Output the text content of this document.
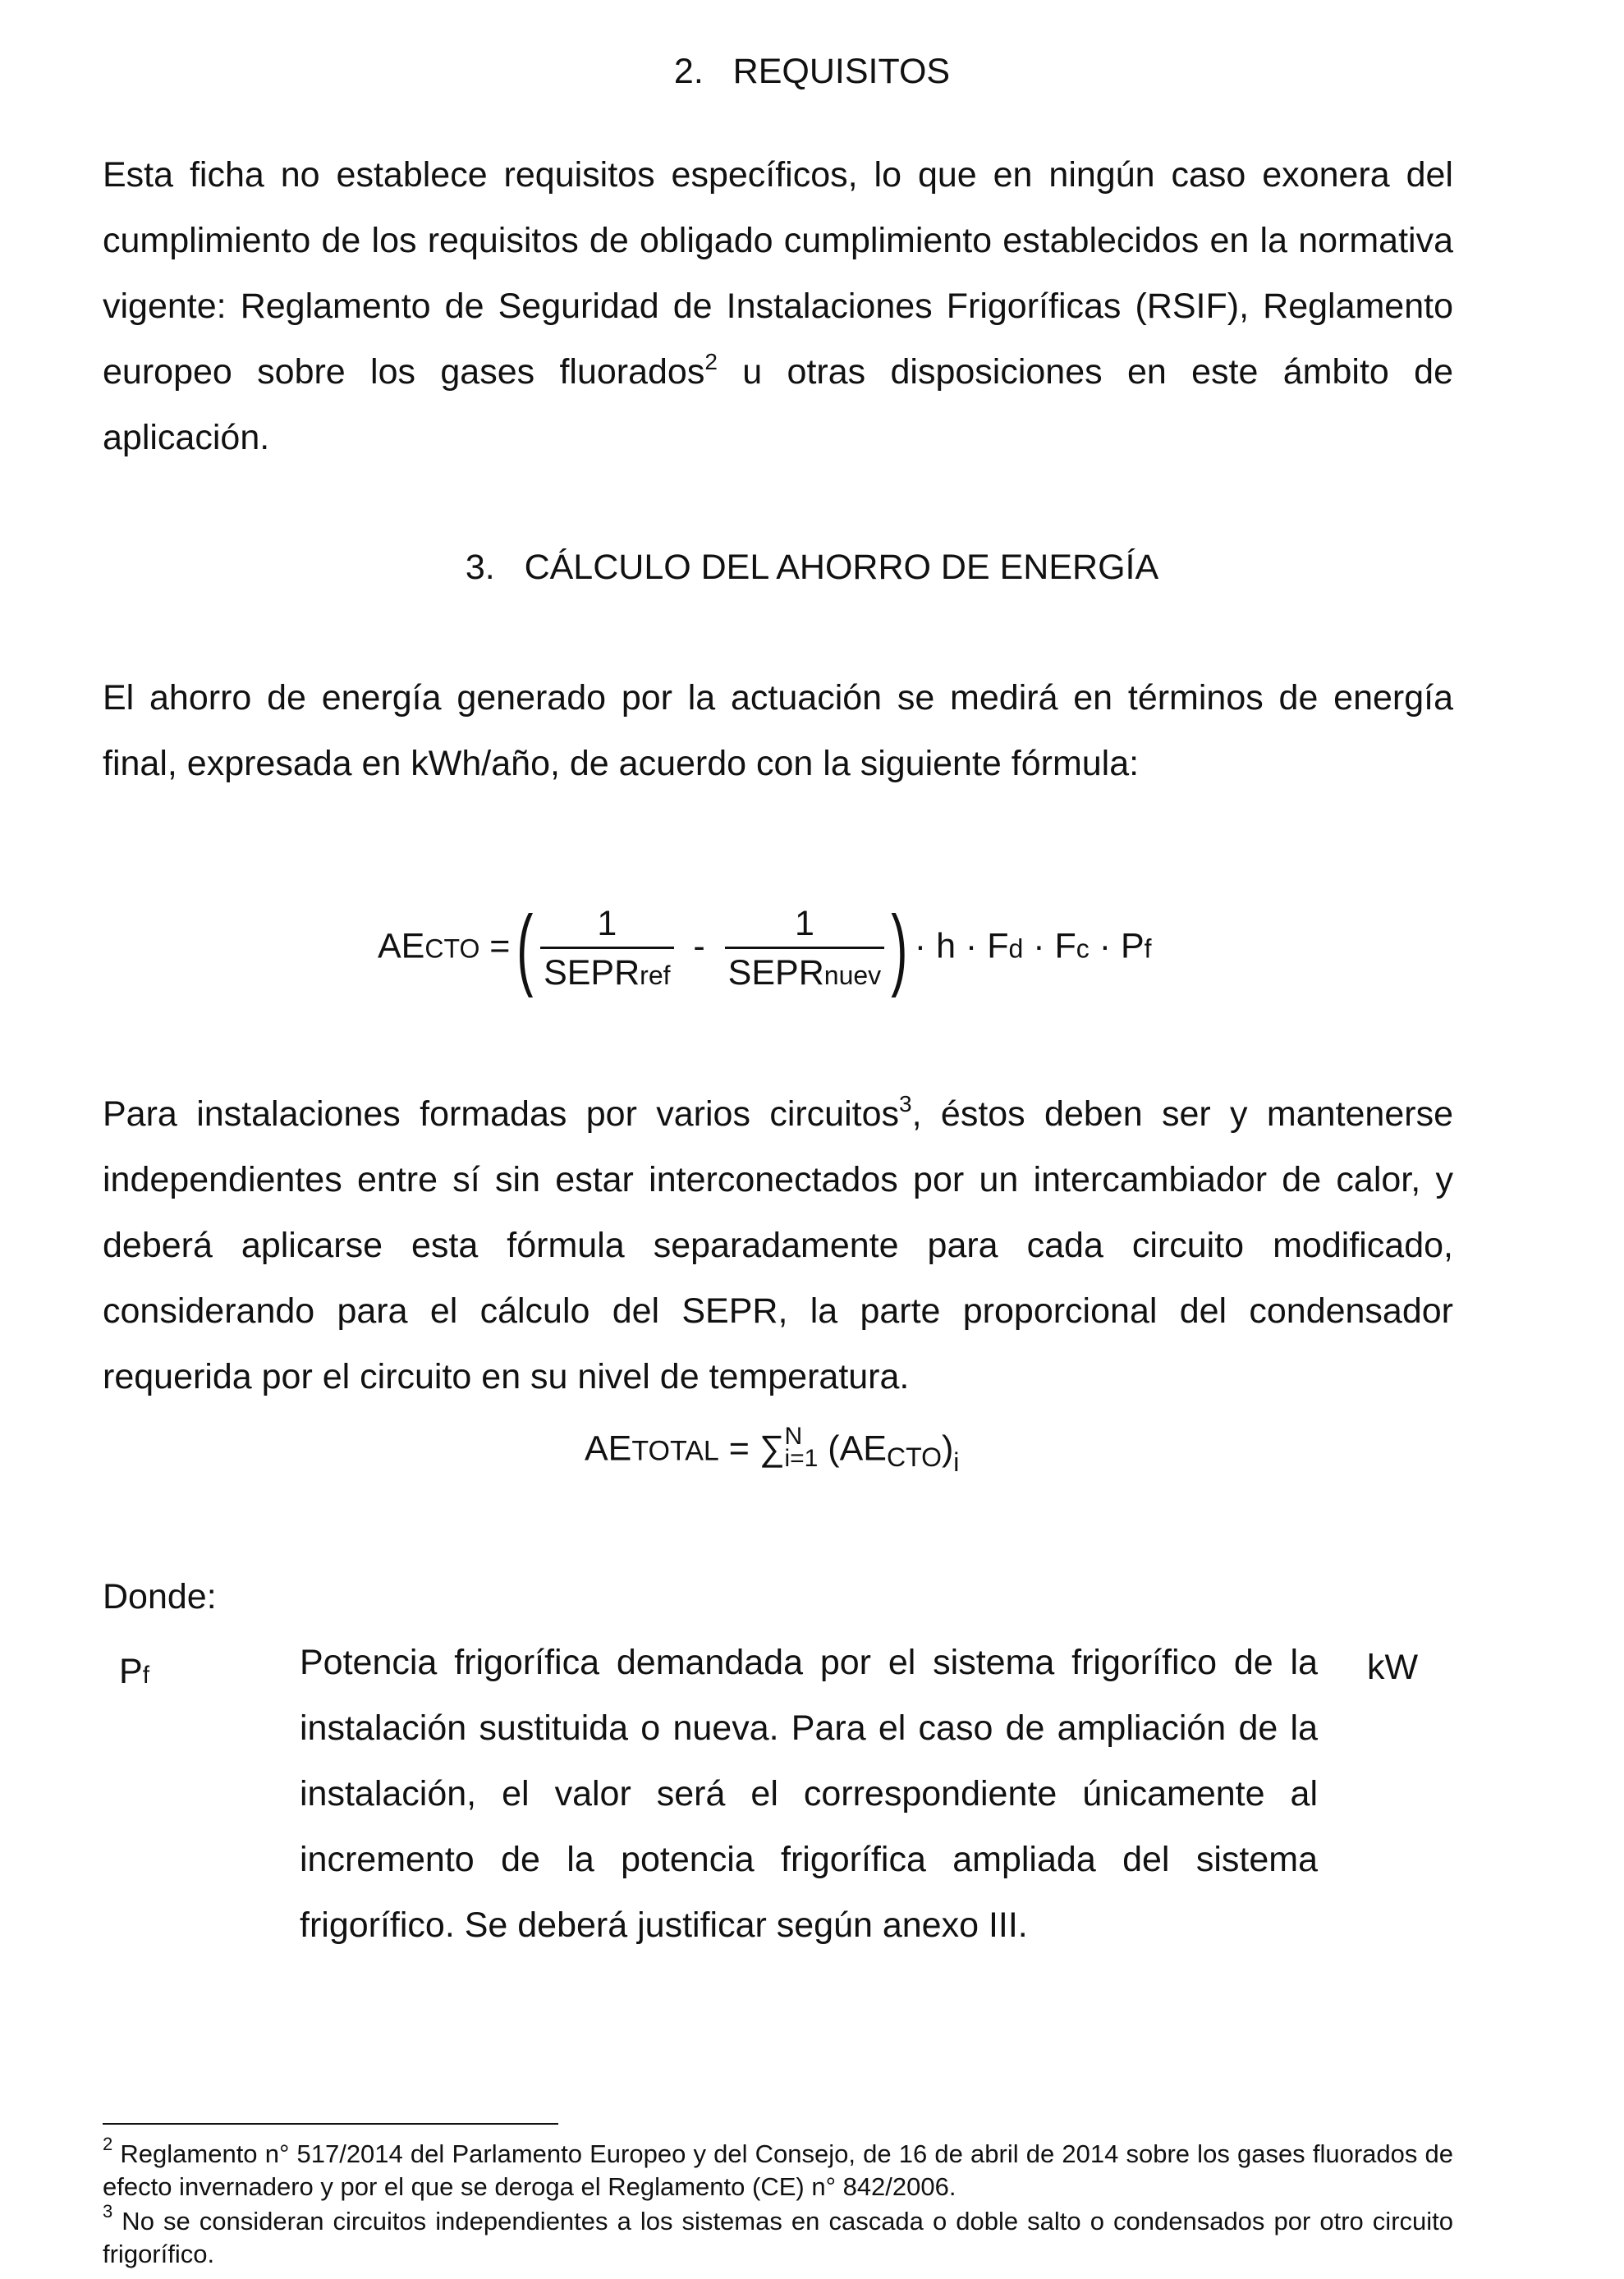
2. REQUISITOS

Esta ficha no establece requisitos específicos, lo que en ningún caso exonera del cumplimiento de los requisitos de obligado cumplimiento establecidos en la normativa vigente: Reglamento de Seguridad de Instalaciones Frigoríficas (RSIF), Reglamento europeo sobre los gases fluorados$^2$ u otras disposiciones en este ámbito de aplicación.

3. CÁLCULO DEL AHORRO DE ENERGÍA

El ahorro de energía generado por la actuación se medirá en términos de energía final, expresada en kWh/año, de acuerdo con la siguiente fórmula:

AECTO =( $\frac{1}{\text{SEPRref}} - \frac{1}{\text{SEPRnuev}}$ ) · h · Fd · Fc · Pf

Para instalaciones formadas por varios circuitos$^3$, éstos deben ser y mantenerse independientes entre sí sin estar interconectados por un intercambiador de calor, y deberá aplicarse esta fórmula separadamente para cada circuito modificado, considerando para el cálculo del SEPR, la parte proporcional del condensador requerida por el circuito en su nivel de temperatura.

AETOTAL = ∑ N
i=1 $(AECTO)_i$
Donde:
Pf	Potencia frigorífica demandada por el sistema frigorífico de la instalación sustituida o nueva. Para el caso de ampliación de la instalación, el valor será el correspondiente únicamente al incremento de la potencia frigorífica ampliada del sistema frigorífico. Se deberá justificar según anexo III.

kW

$^2$ Reglamento n° 517/2014 del Parlamento Europeo y del Consejo, de 16 de abril de 2014 sobre los gases fluorados de efecto invernadero y por el que se deroga el Reglamento (CE) n° 842/2006.

$^3$ No se consideran circuitos independientes a los sistemas en cascada o doble salto o condensados por otro circuito frigorífico.
